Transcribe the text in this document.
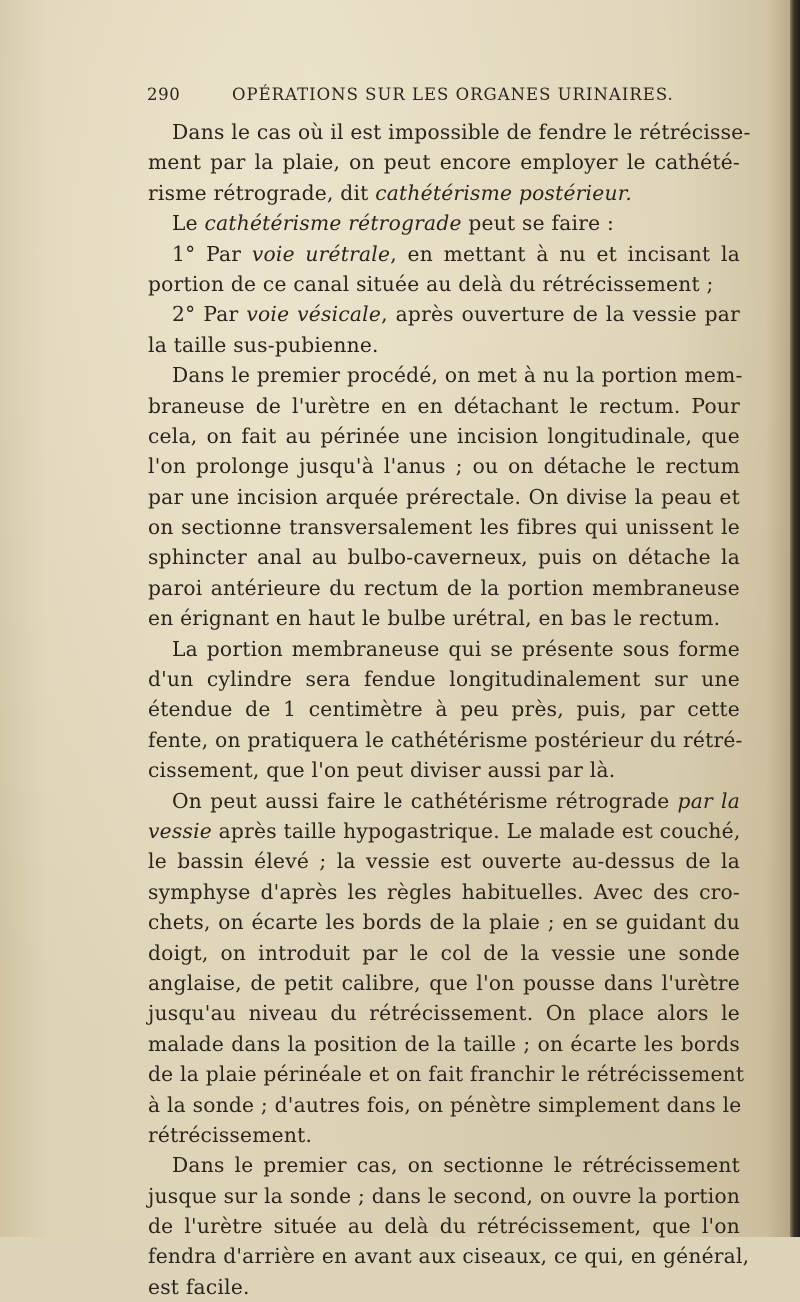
290	OPÉRATIONS SUR LES ORGANES URINAIRES.
Dans le cas où il est impossible de fendre le rétrécisse-
ment par la plaie, on peut encore employer le cathété-
risme rétrograde, dit cathétérisme postérieur.
Le cathétérisme rétrograde peut se faire :
1° Par voie urétrale, en mettant à nu et incisant la
portion de ce canal située au delà du rétrécissement ;
2° Par voie vésicale, après ouverture de la vessie par
la taille sus-pubienne.
Dans le premier procédé, on met à nu la portion mem-
braneuse de l'urètre en en détachant le rectum. Pour
cela, on fait au périnée une incision longitudinale, que
l'on prolonge jusqu'à l'anus ; ou on détache le rectum
par une incision arquée prérectale. On divise la peau et
on sectionne transversalement les fibres qui unissent le
sphincter anal au bulbo-caverneux, puis on détache la
paroi antérieure du rectum de la portion membraneuse
en érignant en haut le bulbe urétral, en bas le rectum.
La portion membraneuse qui se présente sous forme
d'un cylindre sera fendue longitudinalement sur une
étendue de 1 centimètre à peu près, puis, par cette
fente, on pratiquera le cathétérisme postérieur du rétré-
cissement, que l'on peut diviser aussi par là.
On peut aussi faire le cathétérisme rétrograde par la
vessie après taille hypogastrique. Le malade est couché,
le bassin élevé ; la vessie est ouverte au-dessus de la
symphyse d'après les règles habituelles. Avec des cro-
chets, on écarte les bords de la plaie ; en se guidant du
doigt, on introduit par le col de la vessie une sonde
anglaise, de petit calibre, que l'on pousse dans l'urètre
jusqu'au niveau du rétrécissement. On place alors le
malade dans la position de la taille ; on écarte les bords
de la plaie périnéale et on fait franchir le rétrécissement
à la sonde ; d'autres fois, on pénètre simplement dans le
rétrécissement.
Dans le premier cas, on sectionne le rétrécissement
jusque sur la sonde ; dans le second, on ouvre la portion
de l'urètre située au delà du rétrécissement, que l'on
fendra d'arrière en avant aux ciseaux, ce qui, en général,
est facile.
